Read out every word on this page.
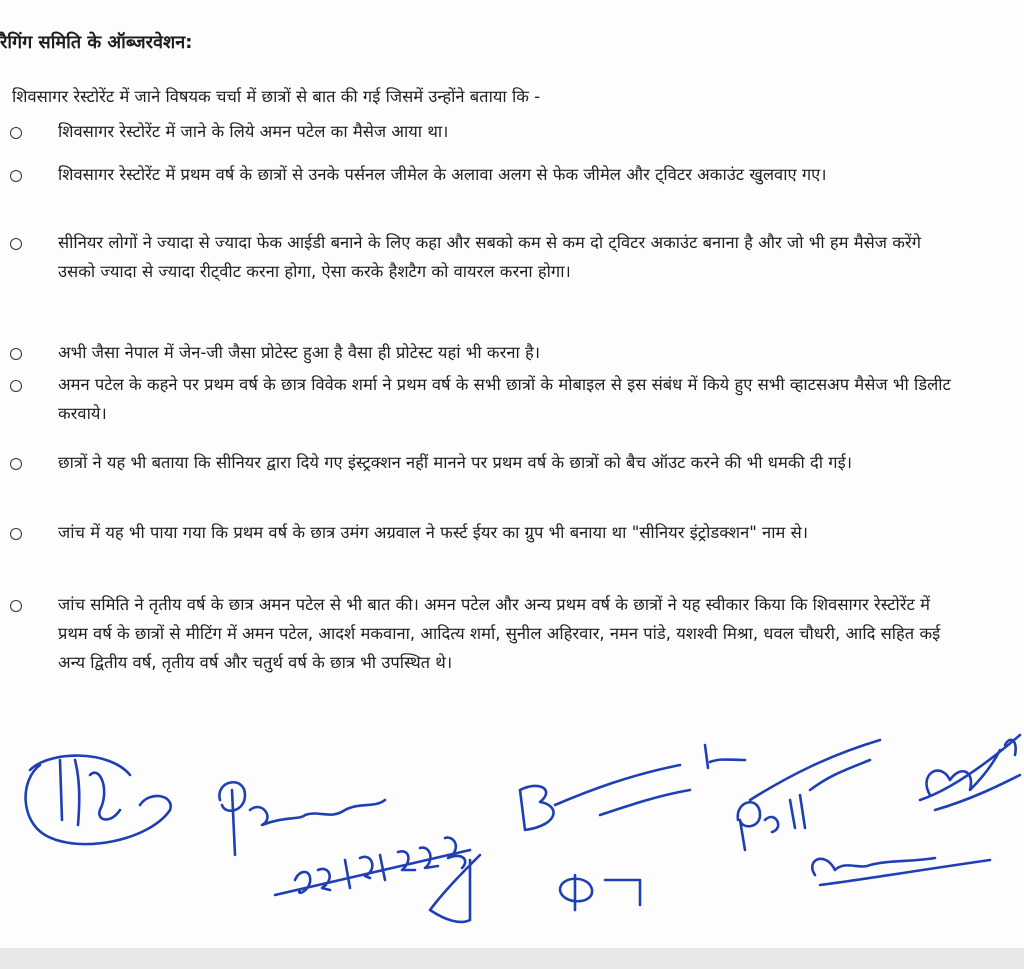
रैगिंग समिति के ऑब्जरवेशन:
शिवसागर रेस्टोरेंट में जाने विषयक चर्चा में छात्रों से बात की गई जिसमें उन्होंने बताया कि -
शिवसागर रेस्टोरेंट में जाने के लिये अमन पटेल का मैसेज आया था।
शिवसागर रेस्टोरेंट में प्रथम वर्ष के छात्रों से उनके पर्सनल जीमेल के अलावा अलग से फेक जीमेल और ट्विटर अकाउंट खुलवाए गए।
सीनियर लोगों ने ज्यादा से ज्यादा फेक आईडी बनाने के लिए कहा और सबको कम से कम दो ट्विटर अकाउंट बनाना है और जो भी हम मैसेज करेंगे उसको ज्यादा से ज्यादा रीट्वीट करना होगा, ऐसा करके हैशटैग को वायरल करना होगा।
अभी जैसा नेपाल में जेन-जी जैसा प्रोटेस्ट हुआ है वैसा ही प्रोटेस्ट यहां भी करना है।
अमन पटेल के कहने पर प्रथम वर्ष के छात्र विवेक शर्मा ने प्रथम वर्ष के सभी छात्रों के मोबाइल से इस संबंध में किये हुए सभी व्हाटसअप मैसेज भी डिलीट करवाये।
छात्रों ने यह भी बताया कि सीनियर द्वारा दिये गए इंस्ट्रक्शन नहीं मानने पर प्रथम वर्ष के छात्रों को बैच ऑउट करने की भी धमकी दी गई।
जांच में यह भी पाया गया कि प्रथम वर्ष के छात्र उमंग अग्रवाल ने फर्स्ट ईयर का ग्रुप भी बनाया था "सीनियर इंट्रोडक्शन" नाम से।
जांच समिति ने तृतीय वर्ष के छात्र अमन पटेल से भी बात की। अमन पटेल और अन्य प्रथम वर्ष के छात्रों ने यह स्वीकार किया कि शिवसागर रेस्टोरेंट में प्रथम वर्ष के छात्रों से मीटिंग में अमन पटेल, आदर्श मकवाना, आदित्य शर्मा, सुनील अहिरवार, नमन पांडे, यशश्वी मिश्रा, धवल चौधरी, आदि सहित कई अन्य द्वितीय वर्ष, तृतीय वर्ष और चतुर्थ वर्ष के छात्र भी उपस्थित थे।
